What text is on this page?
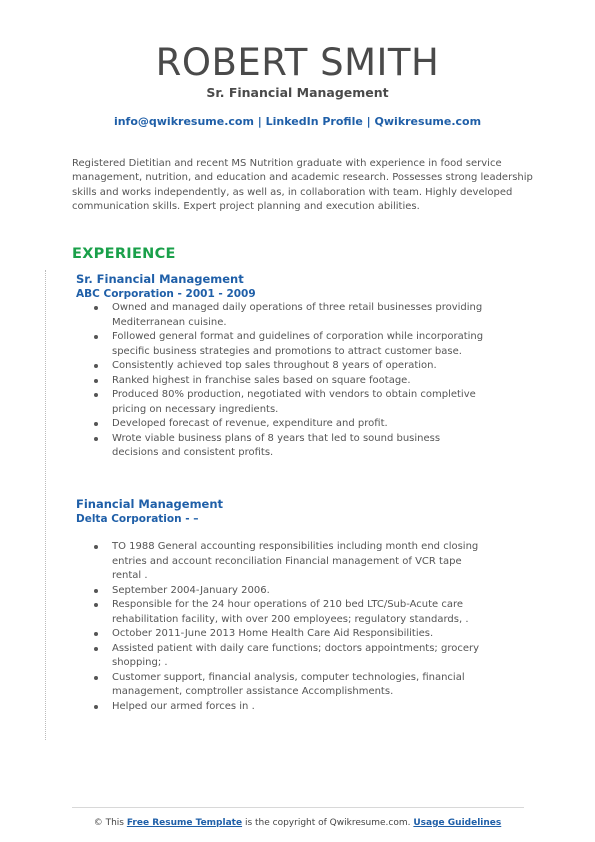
ROBERT SMITH
Sr. Financial Management
info@qwikresume.com | LinkedIn Profile | Qwikresume.com
Registered Dietitian and recent MS Nutrition graduate with experience in food service management, nutrition, and education and academic research. Possesses strong leadership skills and works independently, as well as, in collaboration with team. Highly developed communication skills. Expert project planning and execution abilities.
EXPERIENCE
Sr. Financial Management
ABC Corporation - 2001 - 2009
Owned and managed daily operations of three retail businesses providing Mediterranean cuisine.
Followed general format and guidelines of corporation while incorporating specific business strategies and promotions to attract customer base.
Consistently achieved top sales throughout 8 years of operation.
Ranked highest in franchise sales based on square footage.
Produced 80% production, negotiated with vendors to obtain completive pricing on necessary ingredients.
Developed forecast of revenue, expenditure and profit.
Wrote viable business plans of 8 years that led to sound business decisions and consistent profits.
Financial Management
Delta Corporation - –
TO 1988 General accounting responsibilities including month end closing entries and account reconciliation Financial management of VCR tape rental .
September 2004-January 2006.
Responsible for the 24 hour operations of 210 bed LTC/Sub-Acute care rehabilitation facility, with over 200 employees; regulatory standards, .
October 2011-June 2013 Home Health Care Aid Responsibilities.
Assisted patient with daily care functions; doctors appointments; grocery shopping; .
Customer support, financial analysis, computer technologies, financial management, comptroller assistance Accomplishments.
Helped our armed forces in .
© This Free Resume Template is the copyright of Qwikresume.com. Usage Guidelines
